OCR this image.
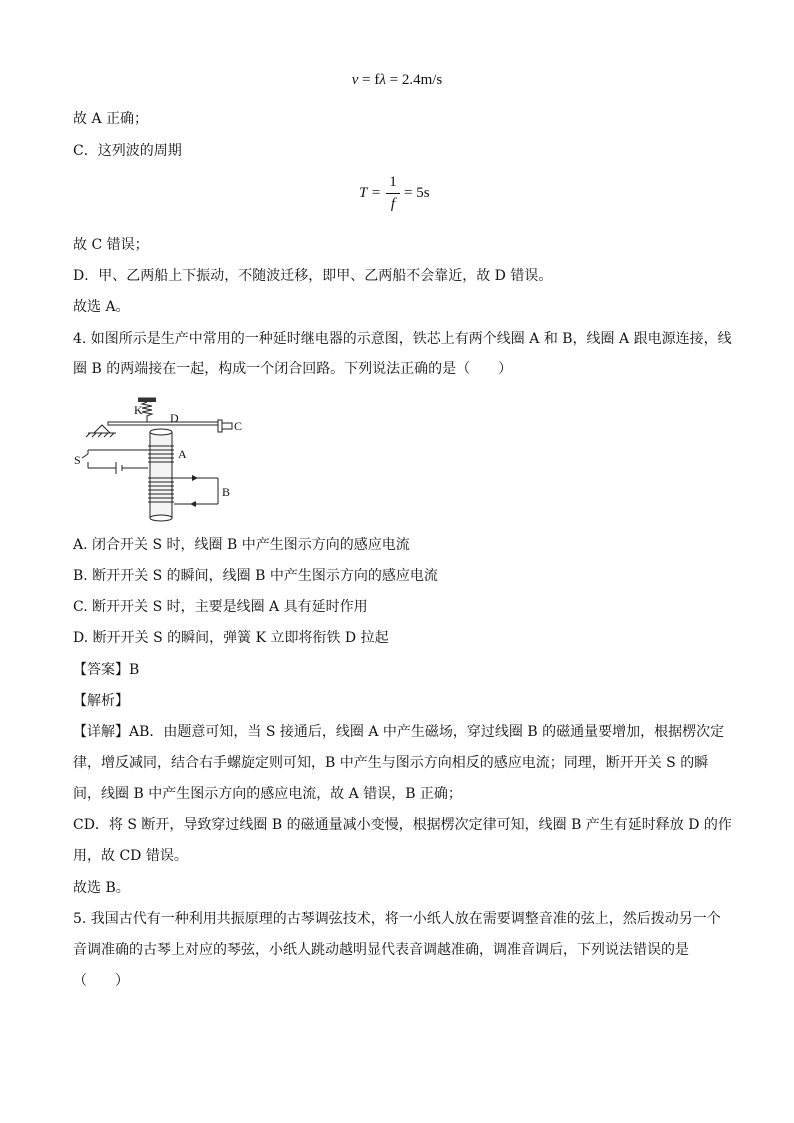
v = fλ = 2.4m/s
故 A 正确；
C．这列波的周期
T =
1
f
= 5s
故 C 错误；
D．甲、乙两船上下振动，不随波迁移，即甲、乙两船不会靠近，故 D 错误。
故选 A。
4. 如图所示是生产中常用的一种延时继电器的示意图，铁芯上有两个线圈 A 和 B，线圈 A 跟电源连接，线
圈 B 的两端接在一起，构成一个闭合回路。下列说法正确的是（　　）
K
D
C
A
S
B
A. 闭合开关 S 时，线圈 B 中产生图示方向的感应电流
B. 断开开关 S 的瞬间，线圈 B 中产生图示方向的感应电流
C. 断开开关 S 时，主要是线圈 A 具有延时作用
D. 断开开关 S 的瞬间，弹簧 K 立即将衔铁 D 拉起
【答案】B
【解析】
【详解】AB．由题意可知，当 S 接通后，线圈 A 中产生磁场，穿过线圈 B 的磁通量要增加，根据楞次定
律，增反减同，结合右手螺旋定则可知，B 中产生与图示方向相反的感应电流；同理，断开开关 S 的瞬
间，线圈 B 中产生图示方向的感应电流，故 A 错误，B 正确；
CD．将 S 断开，导致穿过线圈 B 的磁通量减小变慢，根据楞次定律可知，线圈 B 产生有延时释放 D 的作
用，故 CD 错误。
故选 B。
5. 我国古代有一种利用共振原理的古琴调弦技术，将一小纸人放在需要调整音准的弦上，然后拨动另一个
音调准确的古琴上对应的琴弦，小纸人跳动越明显代表音调越准确，调准音调后，下列说法错误的是
（　　）
